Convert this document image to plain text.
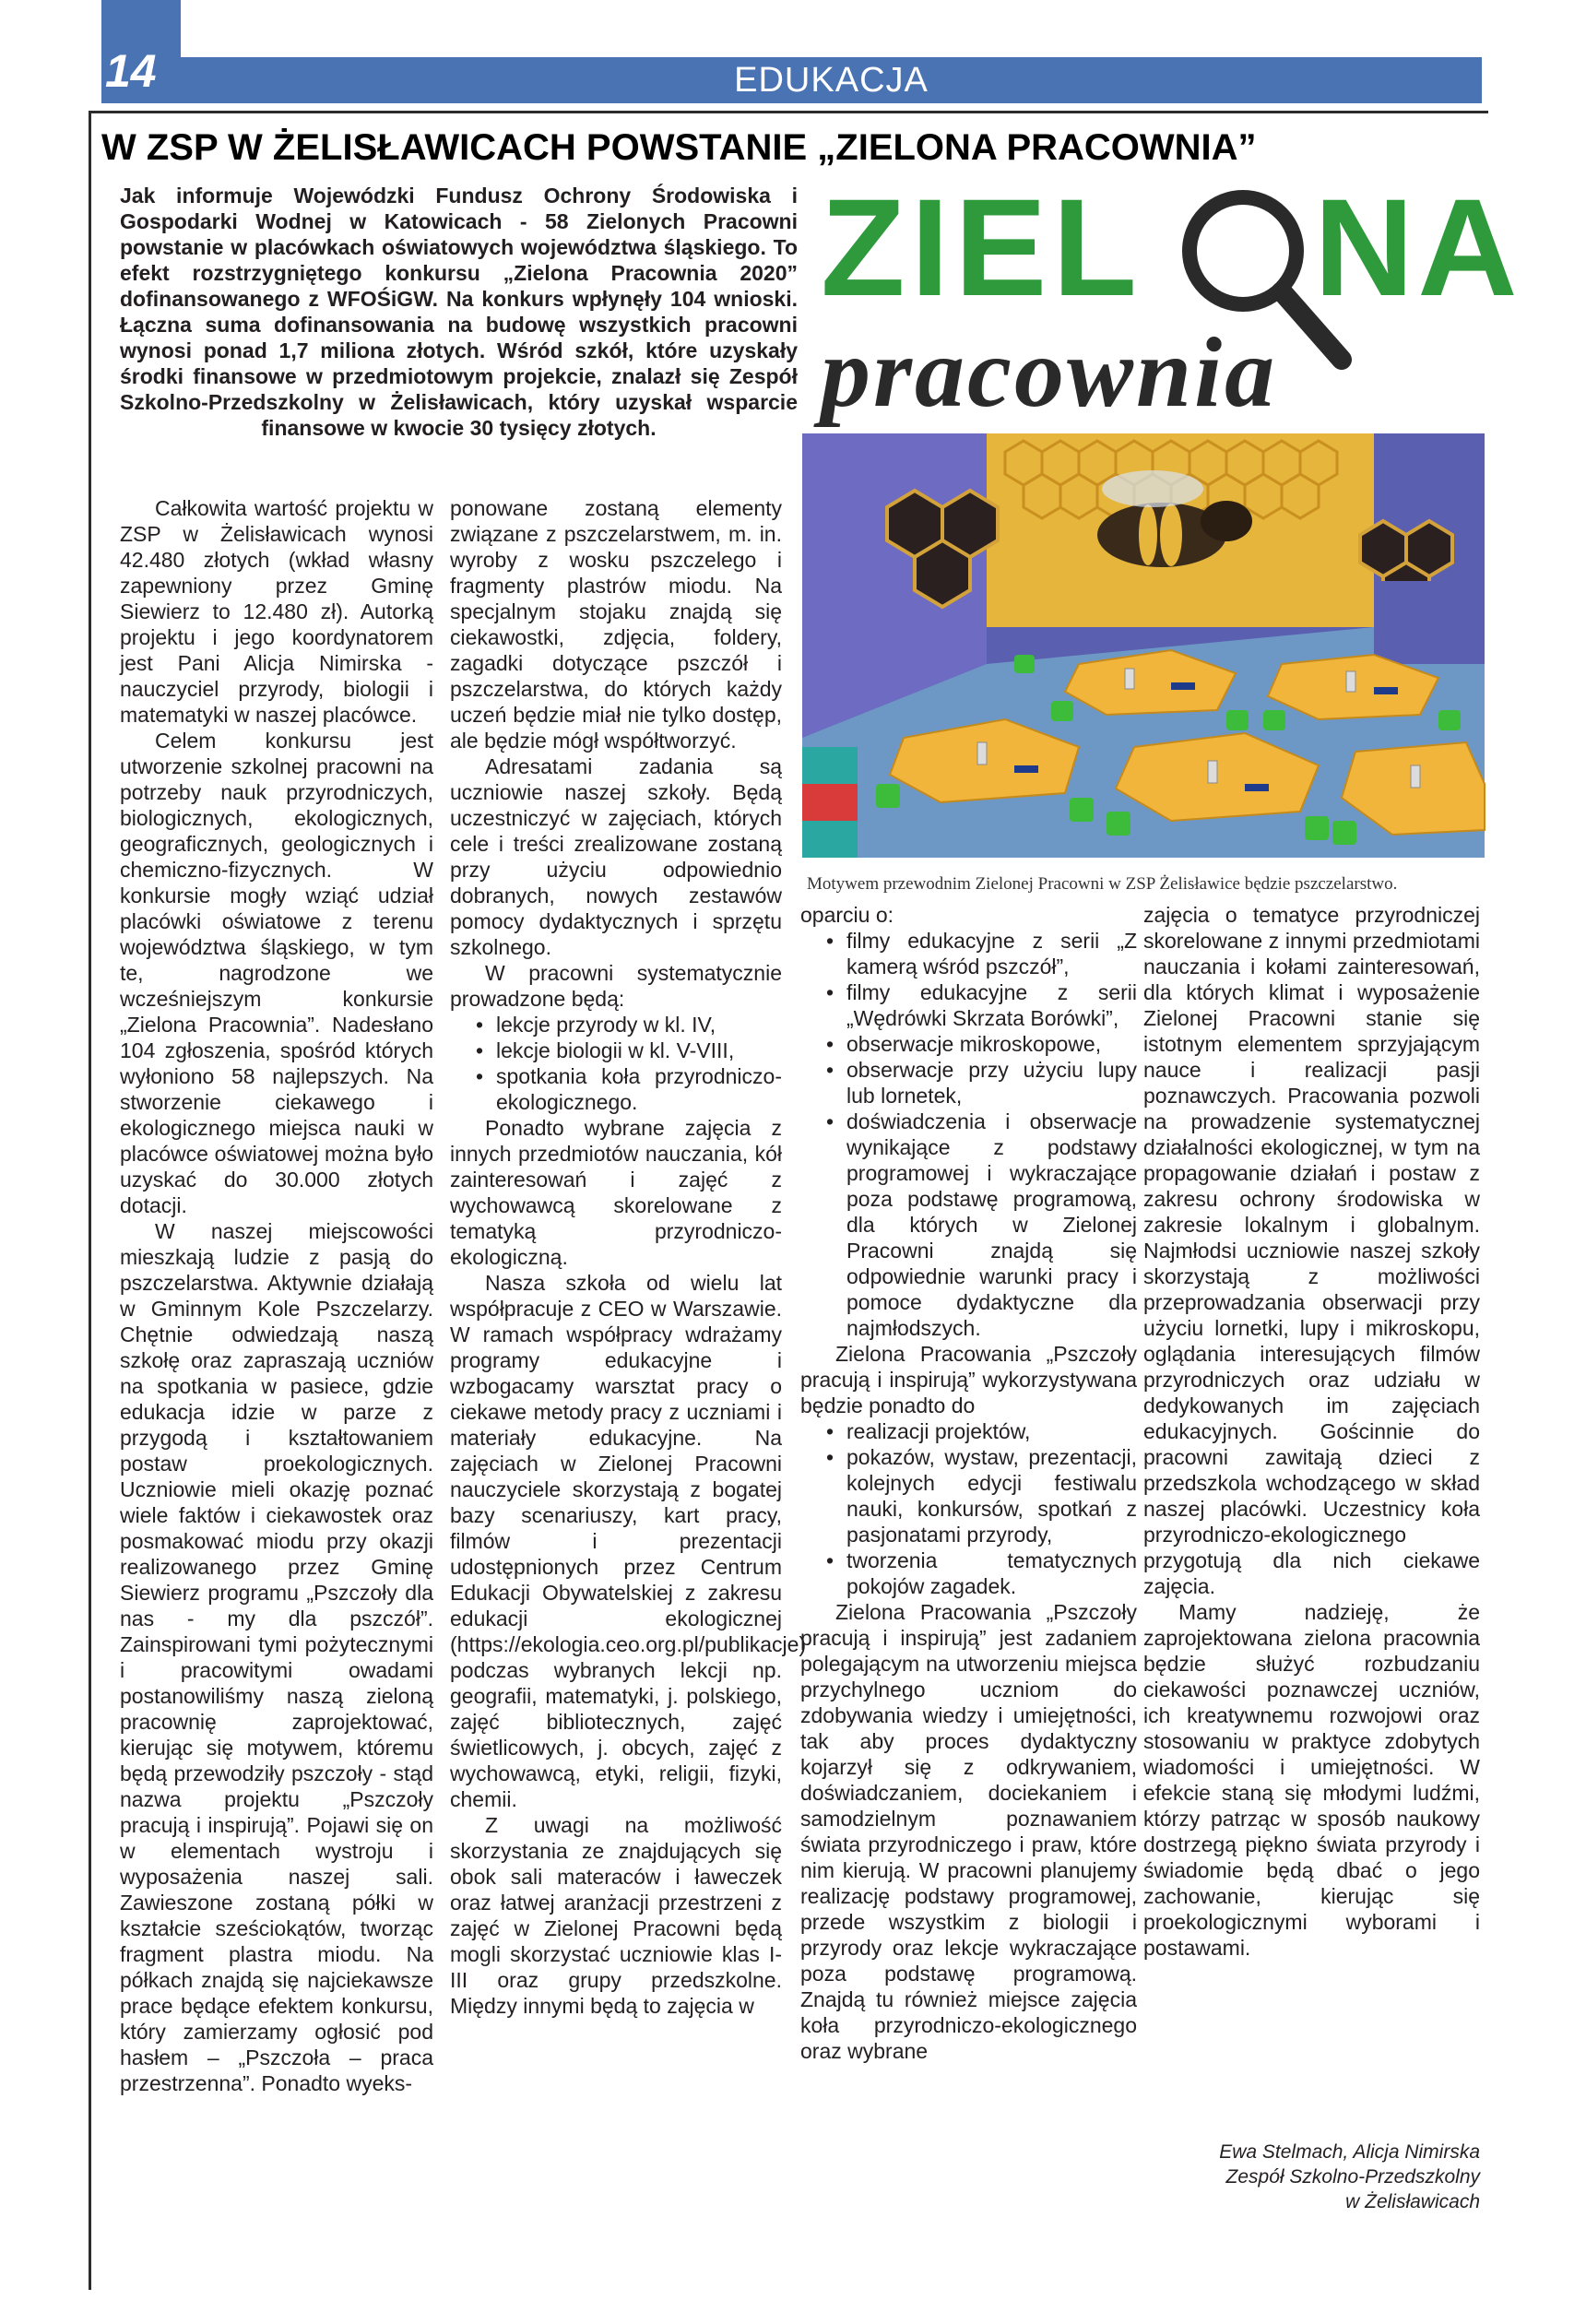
14	EDUKACJA
W ZSP W ŻELISŁAWICACH POWSTANIE „ZIELONA PRACOWNIA”
Jak informuje Wojewódzki Fundusz Ochrony Środowiska i Gospodarki Wodnej w Katowicach - 58 Zielonych Pracowni powstanie w placówkach oświatowych województwa śląskiego. To efekt rozstrzygniętego konkursu „Zielona Pracownia 2020” dofinansowanego z WFOŚiGW. Na konkurs wpłynęły 104 wnioski. Łączna suma dofinansowania na budowę wszystkich pracowni wynosi ponad 1,7 miliona złotych. Wśród szkół, które uzyskały środki finansowe w przedmiotowym projekcie, znalazł się Zespół Szkolno-Przedszkolny w Żelisławicach, który uzyskał wsparcie finansowe w kwocie 30 tysięcy złotych.
ZIEL NA
pracownia
Motywem przewodnim Zielonej Pracowni w ZSP Żelisławice będzie pszczelarstwo.

Całkowita wartość projektu w ZSP w Żelisławicach wynosi 42.480 złotych (wkład własny zapewniony przez Gminę Siewierz to 12.480 zł). Autorką projektu i jego koordynatorem jest Pani Alicja Nimirska - nauczyciel przyrody, biologii i matematyki w naszej placówce.

Celem konkursu jest utworzenie szkolnej pracowni na potrzeby nauk przyrodniczych, biologicznych, ekologicznych, geograficznych, geologicznych i chemiczno-fizycznych. W konkursie mogły wziąć udział placówki oświatowe z terenu województwa śląskiego, w tym te, nagrodzone we wcześniejszym konkursie „Zielona Pracownia”. Nadesłano 104 zgłoszenia, spośród których wyłoniono 58 najlepszych. Na stworzenie ciekawego i ekologicznego miejsca nauki w placówce oświatowej można było uzyskać do 30.000 złotych dotacji.

W naszej miejscowości mieszkają ludzie z pasją do pszczelarstwa. Aktywnie działają w Gminnym Kole Pszczelarzy. Chętnie odwiedzają naszą szkołę oraz zapraszają uczniów na spotkania w pasiece, gdzie edukacja idzie w parze z przygodą i kształtowaniem postaw proekologicznych. Uczniowie mieli okazję poznać wiele faktów i ciekawostek oraz posmakować miodu przy okazji realizowanego przez Gminę Siewierz programu „Pszczoły dla nas - my dla pszczół”. Zainspirowani tymi pożytecznymi i pracowitymi owadami postanowiliśmy naszą zieloną pracownię zaprojektować, kierując się motywem, któremu będą przewodziły pszczoły - stąd nazwa projektu „Pszczoły pracują i inspirują”. Pojawi się on w elementach wystroju i wyposażenia naszej sali. Zawieszone zostaną półki w kształcie sześciokątów, tworząc fragment plastra miodu. Na półkach znajdą się najciekawsze prace będące efektem konkursu, który zamierzamy ogłosić pod hasłem – „Pszczoła – praca przestrzenna”. Ponadto wyeks-

ponowane zostaną elementy związane z pszczelarstwem, m. in. wyroby z wosku pszczelego i fragmenty plastrów miodu. Na specjalnym stojaku znajdą się ciekawostki, zdjęcia, foldery, zagadki dotyczące pszczół i pszczelarstwa, do których każdy uczeń będzie miał nie tylko dostęp, ale będzie mógł współtworzyć.

Adresatami zadania są uczniowie naszej szkoły. Będą uczestniczyć w zajęciach, których cele i treści zrealizowane zostaną przy użyciu odpowiednio dobranych, nowych zestawów pomocy dydaktycznych i sprzętu szkolnego.

W pracowni systematycznie prowadzone będą:

• lekcje przyrody w kl. IV,
• lekcje biologii w kl. V-VIII,
• spotkania koła przyrodniczo-ekologicznego.

Ponadto wybrane zajęcia z innych przedmiotów nauczania, kół zainteresowań i zajęć z wychowawcą skorelowane z tematyką przyrodniczo-ekologiczną.

Nasza szkoła od wielu lat współpracuje z CEO w Warszawie. W ramach współpracy wdrażamy programy edukacyjne i wzbogacamy warsztat pracy o ciekawe metody pracy z uczniami i materiały edukacyjne. Na zajęciach w Zielonej Pracowni nauczyciele skorzystają z bogatej bazy scenariuszy, kart pracy, filmów i prezentacji udostępnionych przez Centrum Edukacji Obywatelskiej z zakresu edukacji ekologicznej (https://ekologia.ceo.org.pl/publikacje) podczas wybranych lekcji np. geografii, matematyki, j. polskiego, zajęć bibliotecznych, zajęć świetlicowych, j. obcych, zajęć z wychowawcą, etyki, religii, fizyki, chemii.

Z uwagi na możliwość skorzystania ze znajdujących się obok sali materaców i ławeczek oraz łatwej aranżacji przestrzeni z zajęć w Zielonej Pracowni będą mogli skorzystać uczniowie klas I-III oraz grupy przedszkolne. Między innymi będą to zajęcia w

oparciu o:

• filmy edukacyjne z serii „Z kamerą wśród pszczół”,
• filmy edukacyjne z serii „Wędrówki Skrzata Borówki”,
• obserwacje mikroskopowe,
• obserwacje przy użyciu lupy lub lornetek,
• doświadczenia i obserwacje wynikające z podstawy programowej i wykraczające poza podstawę programową, dla których w Zielonej Pracowni znajdą się odpowiednie warunki pracy i pomoce dydaktyczne dla najmłodszych.

Zielona Pracowania „Pszczoły pracują i inspirują” wykorzystywana będzie ponadto do

• realizacji projektów,
• pokazów, wystaw, prezentacji, kolejnych edycji festiwalu nauki, konkursów, spotkań z pasjonatami przyrody,
• tworzenia tematycznych pokojów zagadek.

Zielona Pracowania „Pszczoły pracują i inspirują” jest zadaniem polegającym na utworzeniu miejsca przychylnego uczniom do zdobywania wiedzy i umiejętności, tak aby proces dydaktyczny kojarzył się z odkrywaniem, doświadczaniem, dociekaniem i samodzielnym poznawaniem świata przyrodniczego i praw, które nim kierują. W pracowni planujemy realizację podstawy programowej, przede wszystkim z biologii i przyrody oraz lekcje wykraczające poza podstawę programową. Znajdą tu również miejsce zajęcia koła przyrodniczo-ekologicznego oraz wybrane

zajęcia o tematyce przyrodniczej skorelowane z innymi przedmiotami nauczania i kołami zainteresowań, dla których klimat i wyposażenie Zielonej Pracowni stanie się istotnym elementem sprzyjającym nauce i realizacji pasji poznawczych. Pracowania pozwoli na prowadzenie systematycznej działalności ekologicznej, w tym na propagowanie działań i postaw z zakresu ochrony środowiska w zakresie lokalnym i globalnym. Najmłodsi uczniowie naszej szkoły skorzystają z możliwości przeprowadzania obserwacji przy użyciu lornetki, lupy i mikroskopu, oglądania interesujących filmów przyrodniczych oraz udziału w dedykowanych im zajęciach edukacyjnych. Gościnnie do pracowni zawitają dzieci z przedszkola wchodzącego w skład naszej placówki. Uczestnicy koła przyrodniczo-ekologicznego przygotują dla nich ciekawe zajęcia.

Mamy nadzieję, że zaprojektowana zielona pracownia będzie służyć rozbudzaniu ciekawości poznawczej uczniów, ich kreatywnemu rozwojowi oraz stosowaniu w praktyce zdobytych wiadomości i umiejętności. W efekcie staną się młodymi ludźmi, którzy patrząc w sposób naukowy dostrzegą piękno świata przyrody i świadomie będą dbać o jego zachowanie, kierując się proekologicznymi wyborami i postawami.

Ewa Stelmach, Alicja Nimirska
Zespół Szkolno-Przedszkolny
w Żelisławicach
